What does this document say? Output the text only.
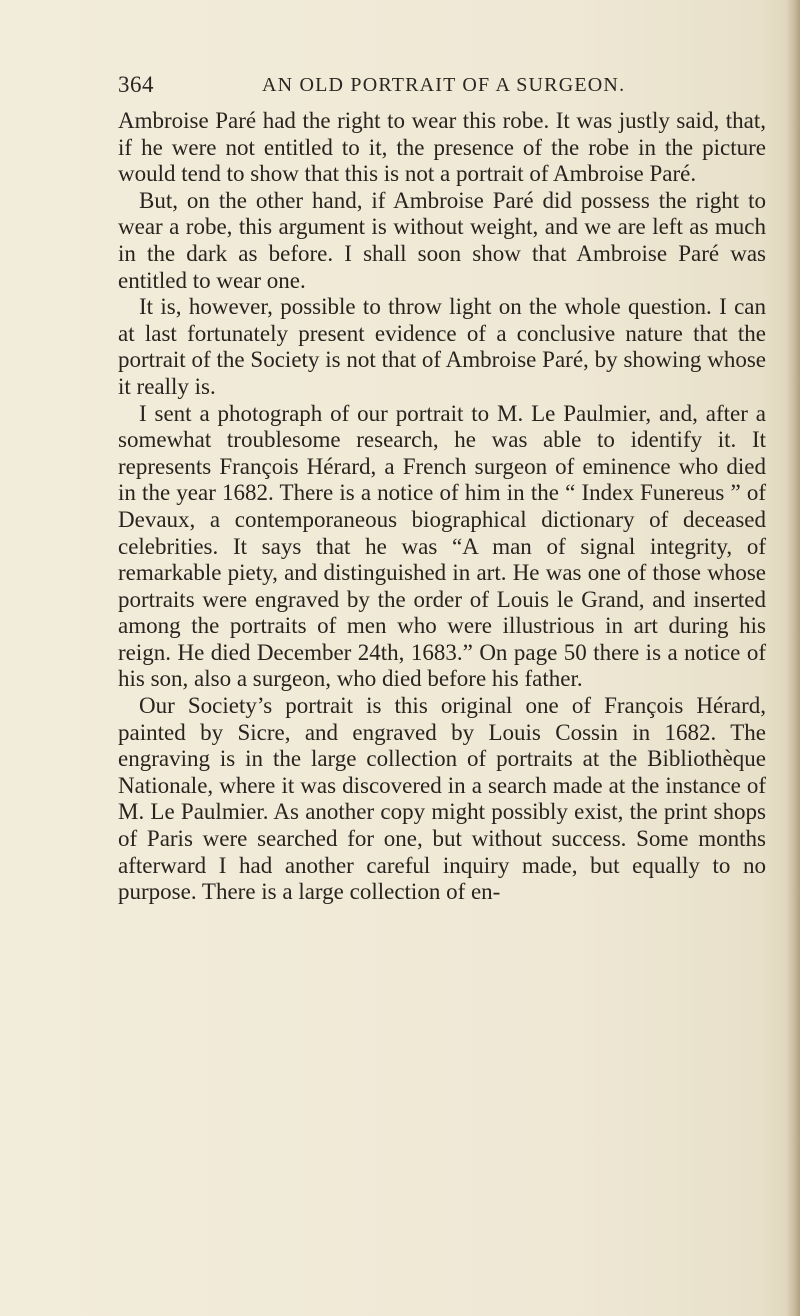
364	AN OLD PORTRAIT OF A SURGEON.

Ambroise Paré had the right to wear this robe. It was justly said, that, if he were not entitled to it, the presence of the robe in the picture would tend to show that this is not a portrait of Ambroise Paré.

But, on the other hand, if Ambroise Paré did possess the right to wear a robe, this argument is without weight, and we are left as much in the dark as before. I shall soon show that Ambroise Paré was entitled to wear one.

It is, however, possible to throw light on the whole question. I can at last fortunately present evidence of a conclusive nature that the portrait of the Society is not that of Ambroise Paré, by showing whose it really is.

I sent a photograph of our portrait to M. Le Paulmier, and, after a somewhat troublesome research, he was able to identify it. It represents François Hérard, a French surgeon of eminence who died in the year 1682. There is a notice of him in the “ Index Funereus ” of Devaux, a contemporaneous biographical dictionary of deceased celebrities. It says that he was “A man of signal integrity, of remarkable piety, and distinguished in art. He was one of those whose portraits were engraved by the order of Louis le Grand, and inserted among the portraits of men who were illustrious in art during his reign. He died December 24th, 1683.” On page 50 there is a notice of his son, also a surgeon, who died before his father.

Our Society’s portrait is this original one of François Hérard, painted by Sicre, and engraved by Louis Cossin in 1682. The engraving is in the large collection of portraits at the Bibliothèque Nationale, where it was discovered in a search made at the instance of M. Le Paulmier. As another copy might possibly exist, the print shops of Paris were searched for one, but without success. Some months afterward I had another careful inquiry made, but equally to no purpose. There is a large collection of en-
